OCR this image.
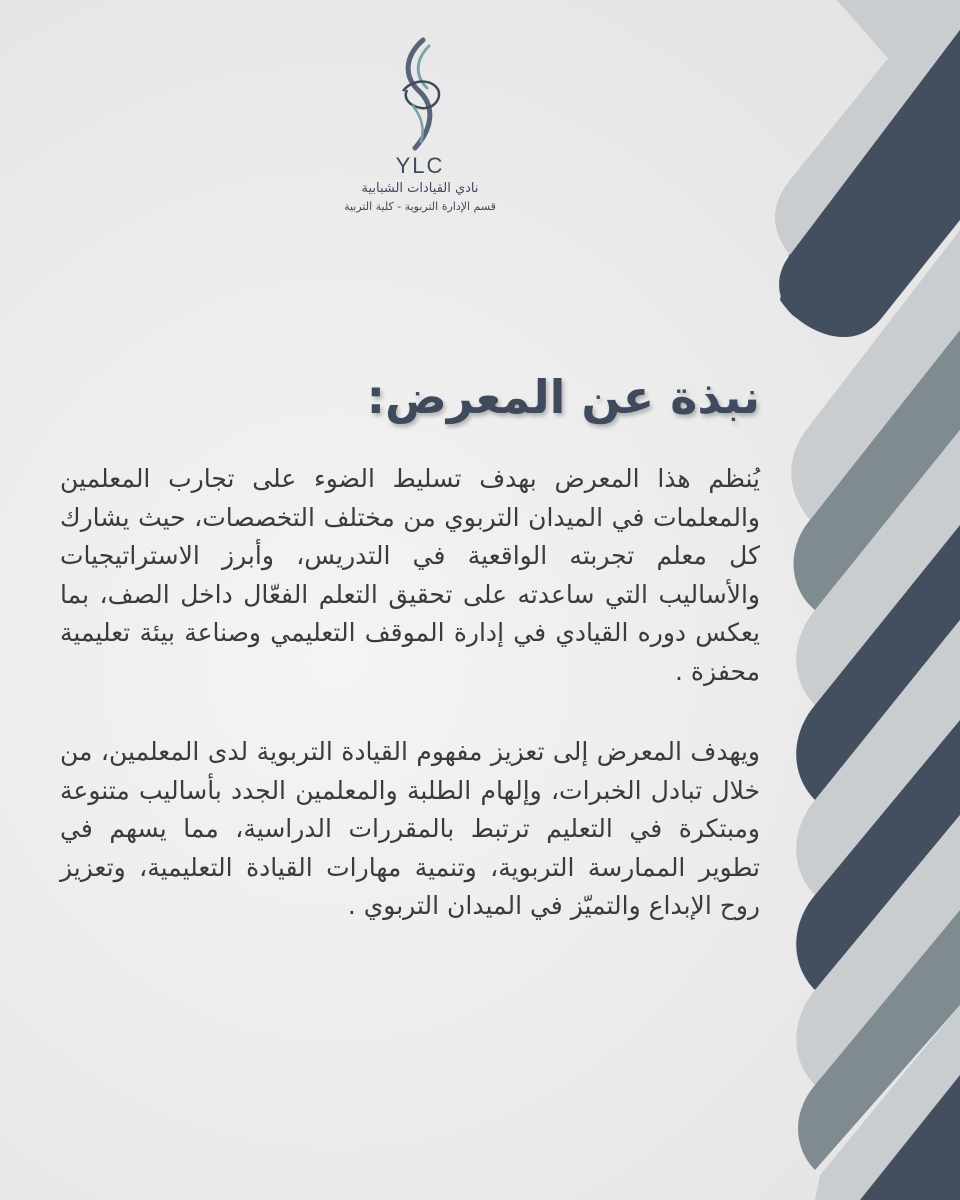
YLC
نادي القيادات الشبابية
قسم الإدارة التربوية - كلية التربية
نبذة عن المعرض:

يُنظم هذا المعرض بهدف تسليط الضوء على تجارب المعلمين والمعلمات في الميدان التربوي من مختلف التخصصات، حيث يشارك كل معلم تجربته الواقعية في التدريس، وأبرز الاستراتيجيات والأساليب التي ساعدته على تحقيق التعلم الفعّال داخل الصف، بما يعكس دوره القيادي في إدارة الموقف التعليمي وصناعة بيئة تعليمية محفزة .

ويهدف المعرض إلى تعزيز مفهوم القيادة التربوية لدى المعلمين، من خلال تبادل الخبرات، وإلهام الطلبة والمعلمين الجدد بأساليب متنوعة ومبتكرة في التعليم ترتبط بالمقررات الدراسية، مما يسهم في تطوير الممارسة التربوية، وتنمية مهارات القيادة التعليمية، وتعزيز روح الإبداع والتميّز في الميدان التربوي .
